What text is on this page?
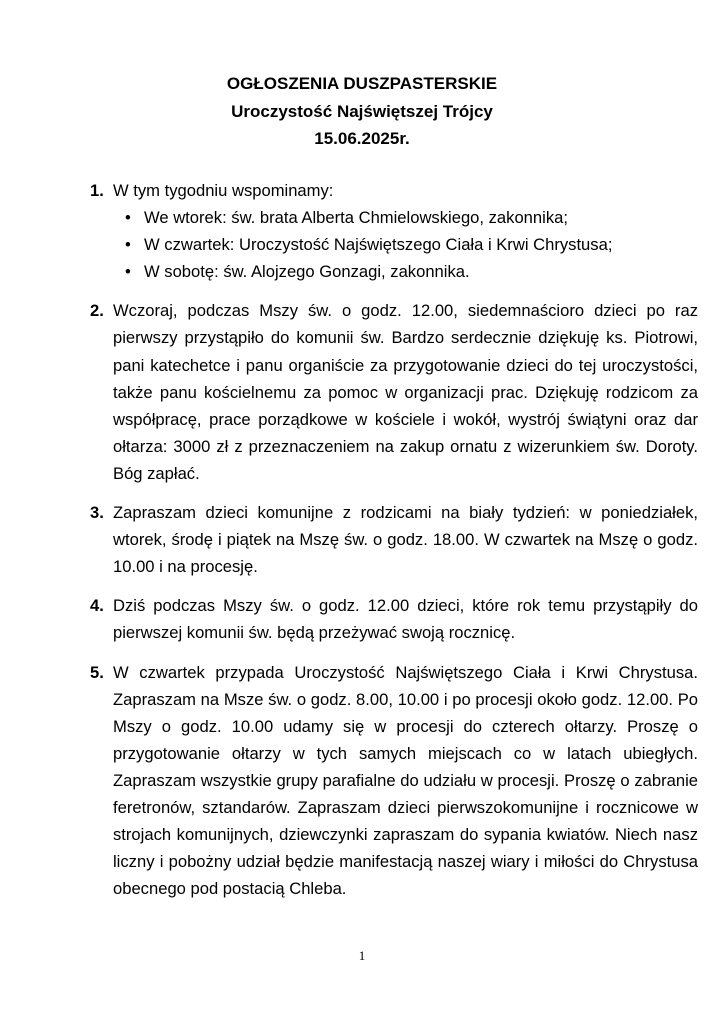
OGŁOSZENIA DUSZPASTERSKIE
Uroczystość Najświętszej Trójcy
15.06.2025r.
1. W tym tygodniu wspominamy:
• We wtorek: św. brata Alberta Chmielowskiego, zakonnika;
• W czwartek: Uroczystość Najświętszego Ciała i Krwi Chrystusa;
• W sobotę: św. Alojzego Gonzagi, zakonnika.
2. Wczoraj, podczas Mszy św. o godz. 12.00, siedemnaścioro dzieci po raz pierwszy przystąpiło do komunii św. Bardzo serdecznie dziękuję ks. Piotrowi, pani katechetce i panu organiście za przygotowanie dzieci do tej uroczystości, także panu kościelnemu za pomoc w organizacji prac. Dziękuję rodzicom za współpracę, prace porządkowe w kościele i wokół, wystrój świątyni oraz dar ołtarza: 3000 zł z przeznaczeniem na zakup ornatu z wizerunkiem św. Doroty. Bóg zapłać.
3. Zapraszam dzieci komunijne z rodzicami na biały tydzień: w poniedziałek, wtorek, środę i piątek na Mszę św. o godz. 18.00. W czwartek na Mszę o godz. 10.00 i na procesję.
4. Dziś podczas Mszy św. o godz. 12.00 dzieci, które rok temu przystąpiły do pierwszej komunii św. będą przeżywać swoją rocznicę.
5. W czwartek przypada Uroczystość Najświętszego Ciała i Krwi Chrystusa. Zapraszam na Msze św. o godz. 8.00, 10.00 i po procesji około godz. 12.00. Po Mszy o godz. 10.00 udamy się w procesji do czterech ołtarzy. Proszę o przygotowanie ołtarzy w tych samych miejscach co w latach ubiegłych. Zapraszam wszystkie grupy parafialne do udziału w procesji. Proszę o zabranie feretronów, sztandarów. Zapraszam dzieci pierwszokomunijne i rocznicowe w strojach komunijnych, dziewczynki zapraszam do sypania kwiatów. Niech nasz liczny i pobożny udział będzie manifestacją naszej wiary i miłości do Chrystusa obecnego pod postacią Chleba.
1
